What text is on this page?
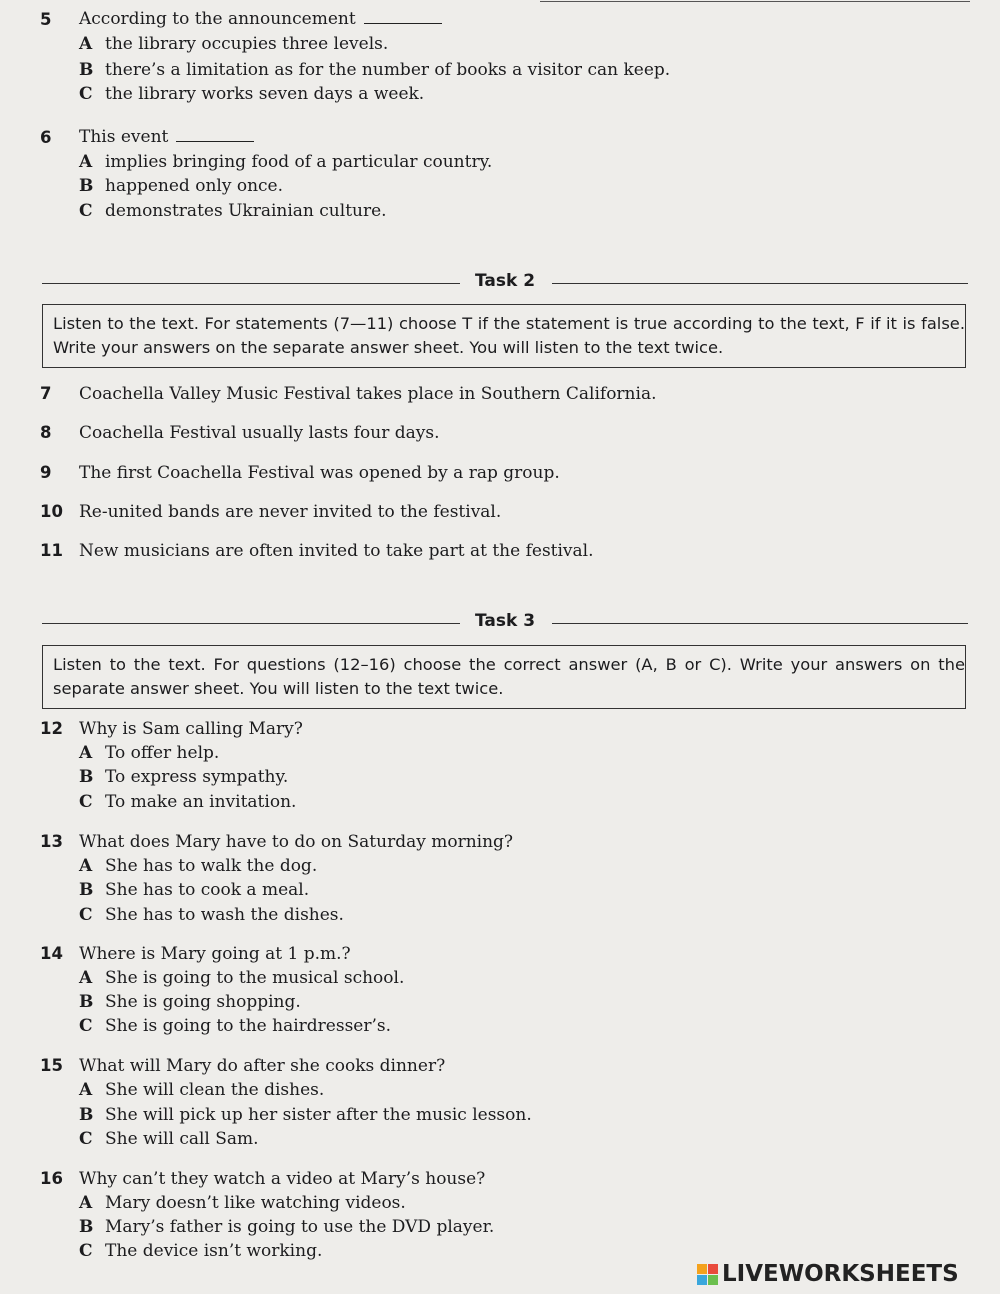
5	According to the announcement
A the library occupies three levels.
B there’s a limitation as for the number of books a visitor can keep.
C the library works seven days a week.
6	This event
A implies bringing food of a particular country.
B happened only once.
C demonstrates Ukrainian culture.
Task 2
Listen to the text. For statements (7—11) choose T if the statement is true according to the text, F if it is false. Write your answers on the separate answer sheet. You will listen to the text twice.
7	Coachella Valley Music Festival takes place in Southern California.
8	Coachella Festival usually lasts four days.
9	The first Coachella Festival was opened by a rap group.
10 Re-united bands are never invited to the festival.
11 New musicians are often invited to take part at the festival.
Task 3
Listen to the text. For questions (12–16) choose the correct answer (A, B or C). Write your answers on the separate answer sheet. You will listen to the text twice.
12 Why is Sam calling Mary?
A To offer help.
B To express sympathy.
C To make an invitation.
13 What does Mary have to do on Saturday morning?
A She has to walk the dog.
B She has to cook a meal.
C She has to wash the dishes.
14 Where is Mary going at 1 p.m.?
A She is going to the musical school.
B She is going shopping.
C She is going to the hairdresser’s.
15 What will Mary do after she cooks dinner?
A She will clean the dishes.
B She will pick up her sister after the music lesson.
C She will call Sam.
16 Why can’t they watch a video at Mary’s house?
A Mary doesn’t like watching videos.
B Mary’s father is going to use the DVD player.
C The device isn’t working.
LIVEWORKSHEETS
